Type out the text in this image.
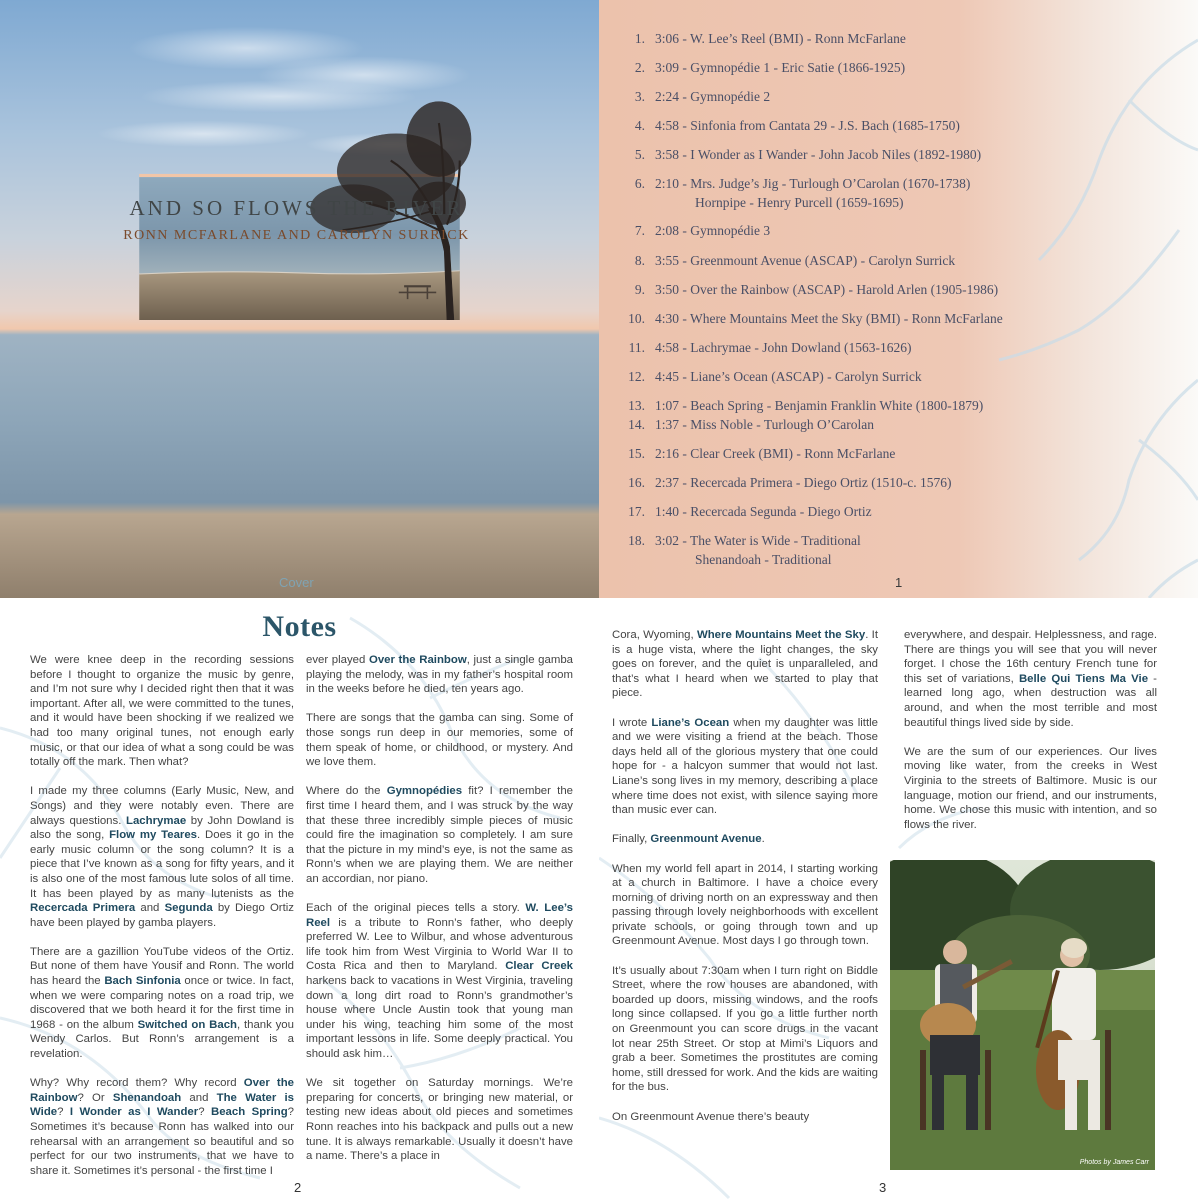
AND SO FLOWS THE RIVER
RONN MCFARLANE AND CAROLYN SURRICK
Cover
1. 3:06 - W. Lee’s Reel (BMI) - Ronn McFarlane
2. 3:09 - Gymnopédie 1 - Eric Satie (1866-1925)
3. 2:24 - Gymnopédie 2
4. 4:58 - Sinfonia from Cantata 29 - J.S. Bach (1685-1750)
5. 3:58 - I Wonder as I Wander - John Jacob Niles (1892-1980)
6. 2:10 - Mrs. Judge’s Jig - Turlough O’Carolan (1670-1738)
Hornpipe - Henry Purcell (1659-1695)
7. 2:08 - Gymnopédie 3
8. 3:55 - Greenmount Avenue (ASCAP) - Carolyn Surrick
9. 3:50 - Over the Rainbow (ASCAP) - Harold Arlen (1905-1986)
10. 4:30 - Where Mountains Meet the Sky (BMI) - Ronn McFarlane
11. 4:58 - Lachrymae - John Dowland (1563-1626)
12. 4:45 - Liane’s Ocean (ASCAP) - Carolyn Surrick
13. 1:07 - Beach Spring - Benjamin Franklin White (1800-1879)
14. 1:37 - Miss Noble - Turlough O’Carolan
15. 2:16 - Clear Creek (BMI) - Ronn McFarlane
16. 2:37 - Recercada Primera - Diego Ortiz (1510-c. 1576)
17. 1:40 - Recercada Segunda - Diego Ortiz
18. 3:02 - The Water is Wide - Traditional
Shenandoah - Traditional
1
Notes

We were knee deep in the recording sessions before I thought to organize the music by genre, and I’m not sure why I decided right then that it was important. After all, we were committed to the tunes, and it would have been shocking if we realized we had too many original tunes, not enough early music, or that our idea of what a song could be was totally off the mark. Then what?

I made my three columns (Early Music, New, and Songs) and they were notably even. There are always questions. Lachrymae by John Dowland is also the song, Flow my Teares. Does it go in the early music column or the song column? It is a piece that I’ve known as a song for fifty years, and it is also one of the most famous lute solos of all time. It has been played by as many lutenists as the Recercada Primera and Segunda by Diego Ortiz have been played by gamba players.

There are a gazillion YouTube videos of the Ortiz. But none of them have Yousif and Ronn. The world has heard the Bach Sinfonia once or twice. In fact, when we were comparing notes on a road trip, we discovered that we both heard it for the first time in 1968 - on the album Switched on Bach, thank you Wendy Carlos. But Ronn’s arrangement is a revelation.

Why? Why record them? Why record Over the Rainbow? Or Shenandoah and The Water is Wide? I Wonder as I Wander? Beach Spring? Sometimes it’s because Ronn has walked into our rehearsal with an arrangement so beautiful and so perfect for our two instruments, that we have to share it. Sometimes it’s personal - the first time I

ever played Over the Rainbow, just a single gamba playing the melody, was in my father’s hospital room in the weeks before he died, ten years ago.

There are songs that the gamba can sing. Some of those songs run deep in our memories, some of them speak of home, or childhood, or mystery. And we love them.

Where do the Gymnopédies fit? I remember the first time I heard them, and I was struck by the way that these three incredibly simple pieces of music could fire the imagination so completely. I am sure that the picture in my mind’s eye, is not the same as Ronn’s when we are playing them. We are neither an accordian, nor piano.

Each of the original pieces tells a story. W. Lee’s Reel is a tribute to Ronn’s father, who deeply preferred W. Lee to Wilbur, and whose adventurous life took him from West Virginia to World War II to Costa Rica and then to Maryland. Clear Creek harkens back to vacations in West Virginia, traveling down a long dirt road to Ronn’s grandmother’s house where Uncle Austin took that young man under his wing, teaching him some of the most important lessons in life. Some deeply practical. You should ask him…

We sit together on Saturday mornings. We’re preparing for concerts, or bringing new material, or testing new ideas about old pieces and sometimes Ronn reaches into his backpack and pulls out a new tune. It is always remarkable. Usually it doesn’t have a name. There’s a place in

2

Cora, Wyoming, Where Mountains Meet the Sky. It is a huge vista, where the light changes, the sky goes on forever, and the quiet is unparalleled, and that’s what I heard when we started to play that piece.

I wrote Liane’s Ocean when my daughter was little and we were visiting a friend at the beach. Those days held all of the glorious mystery that one could hope for - a halcyon summer that would not last. Liane’s song lives in my memory, describing a place where time does not exist, with silence saying more than music ever can.

Finally, Greenmount Avenue.

When my world fell apart in 2014, I starting working at a church in Baltimore. I have a choice every morning of driving north on an expressway and then passing through lovely neighborhoods with excellent private schools, or going through town and up Greenmount Avenue. Most days I go through town.

It’s usually about 7:30am when I turn right on Biddle Street, where the row houses are abandoned, with boarded up doors, missing windows, and the roofs long since collapsed. If you go a little further north on Greenmount you can score drugs in the vacant lot near 25th Street. Or stop at Mimi’s Liquors and grab a beer. Sometimes the prostitutes are coming home, still dressed for work. And the kids are waiting for the bus.

On Greenmount Avenue there’s beauty

everywhere, and despair. Helplessness, and rage. There are things you will see that you will never forget. I chose the 16th century French tune for this set of variations, Belle Qui Tiens Ma Vie - learned long ago, when destruction was all around, and when the most terrible and most beautiful things lived side by side.

We are the sum of our experiences. Our lives moving like water, from the creeks in West Virginia to the streets of Baltimore. Music is our language, motion our friend, and our instruments, home. We chose this music with intention, and so flows the river.

3
Photos by James Carr
